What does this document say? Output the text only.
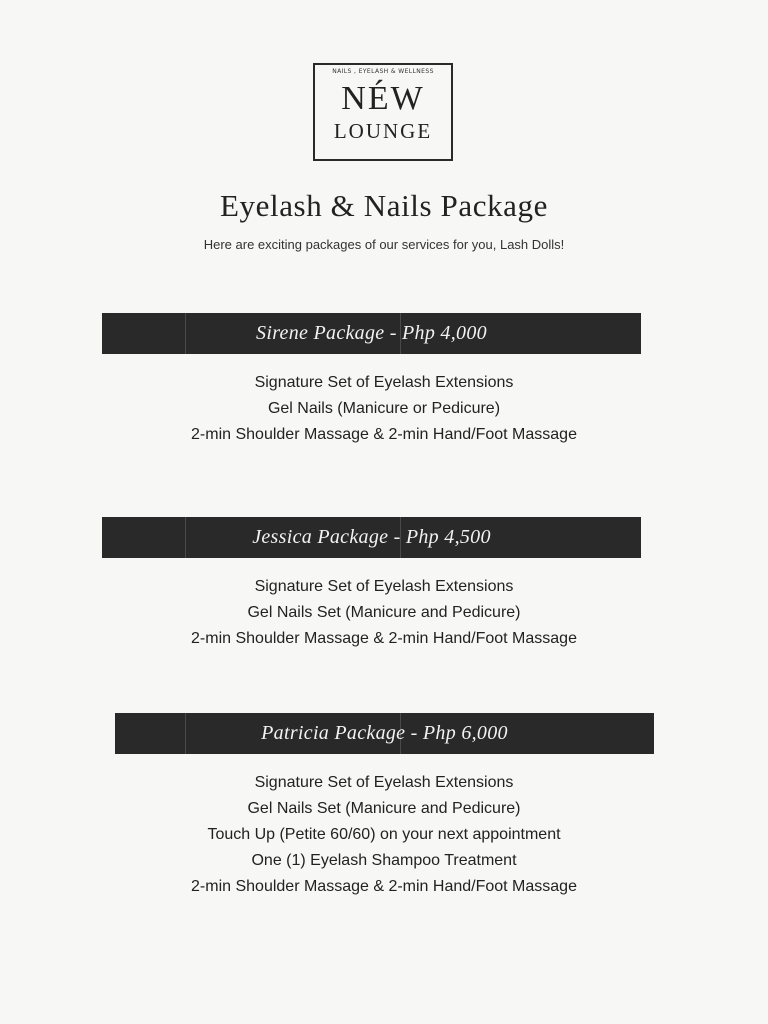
NAILS , EYELASH & WELLNESS
NÉW
LOUNGE
Eyelash & Nails Package
Here are exciting packages of our services for you, Lash Dolls!
Sirene Package - Php 4,000
Signature Set of Eyelash Extensions
Gel Nails (Manicure or Pedicure)
2-min Shoulder Massage & 2-min Hand/Foot Massage
Jessica Package - Php 4,500
Signature Set of Eyelash Extensions
Gel Nails Set (Manicure and Pedicure)
2-min Shoulder Massage & 2-min Hand/Foot Massage
Patricia Package - Php 6,000
Signature Set of Eyelash Extensions
Gel Nails Set (Manicure and Pedicure)
Touch Up (Petite 60/60) on your next appointment
One (1) Eyelash Shampoo Treatment
2-min Shoulder Massage & 2-min Hand/Foot Massage
